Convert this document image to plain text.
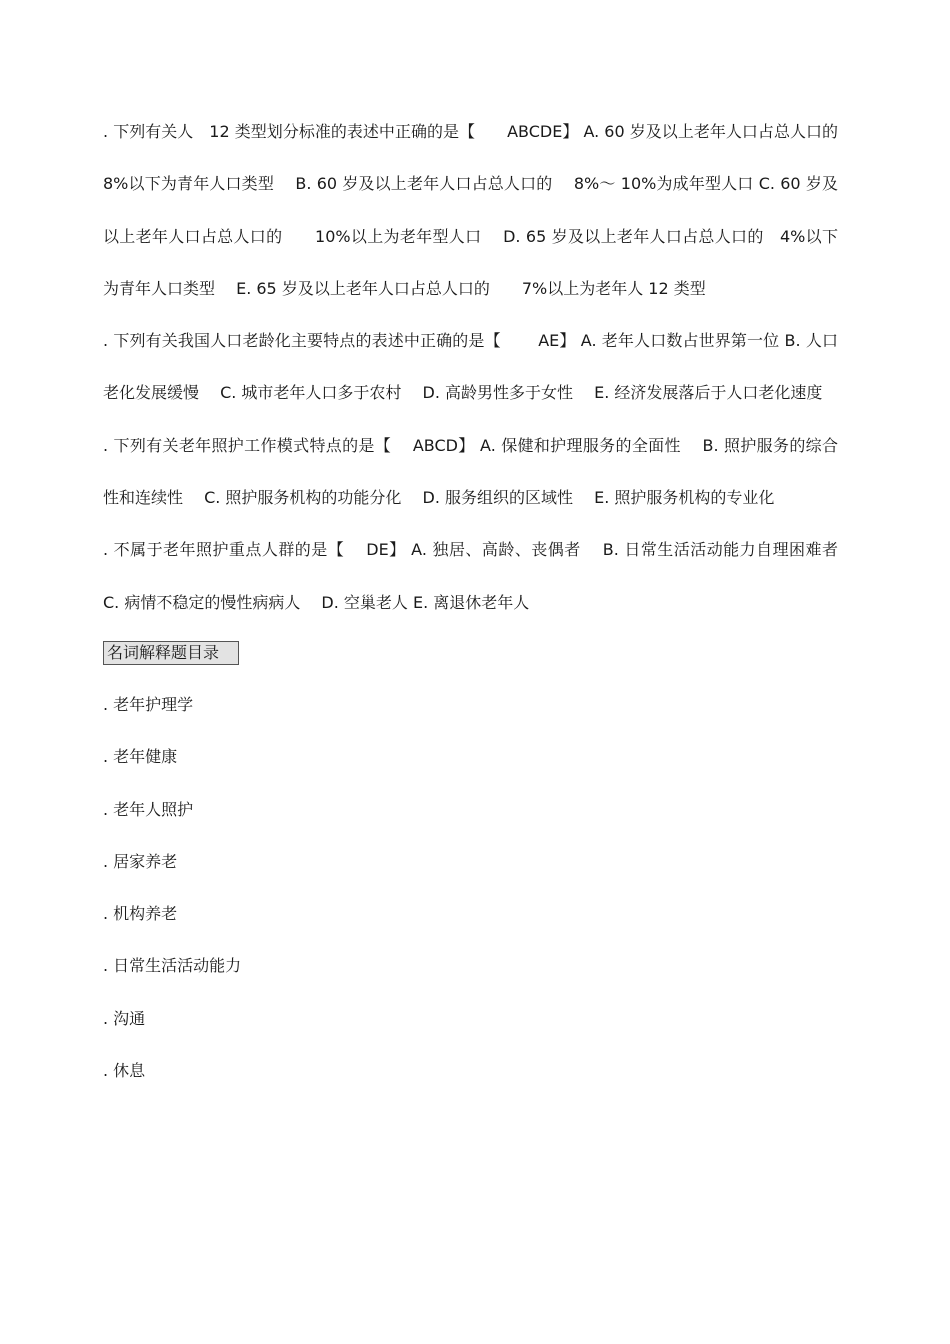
. 下列有关人　12 类型划分标准的表述中正确的是【　　ABCDE】 A. 60 岁及以上老年人口占总人口的　8%以下为青年人口类型　 B. 60 岁及以上老年人口占总人口的　 8%～ 10%为成年型人口 C. 60 岁及以上老年人口占总人口的　　10%以上为老年型人口　 D. 65 岁及以上老年人口占总人口的　4%以下为青年人口类型　 E. 65 岁及以上老年人口占总人口的　　7%以上为老年人 12 类型

. 下列有关我国人口老龄化主要特点的表述中正确的是【　　 AE】 A. 老年人口数占世界第一位 B. 人口老化发展缓慢　 C. 城市老年人口多于农村　 D. 高龄男性多于女性　 E. 经济发展落后于人口老化速度

. 下列有关老年照护工作模式特点的是【　 ABCD】 A. 保健和护理服务的全面性　 B. 照护服务的综合性和连续性　 C. 照护服务机构的功能分化　 D. 服务组织的区域性　 E. 照护服务机构的专业化

. 不属于老年照护重点人群的是【　 DE】 A. 独居、高龄、丧偶者　 B. 日常生活活动能力自理困难者 C. 病情不稳定的慢性病病人　 D. 空巢老人 E. 离退休老年人

名词解释题目录

. 老年护理学

. 老年健康

. 老年人照护

. 居家养老

. 机构养老

. 日常生活活动能力

. 沟通

. 休息
